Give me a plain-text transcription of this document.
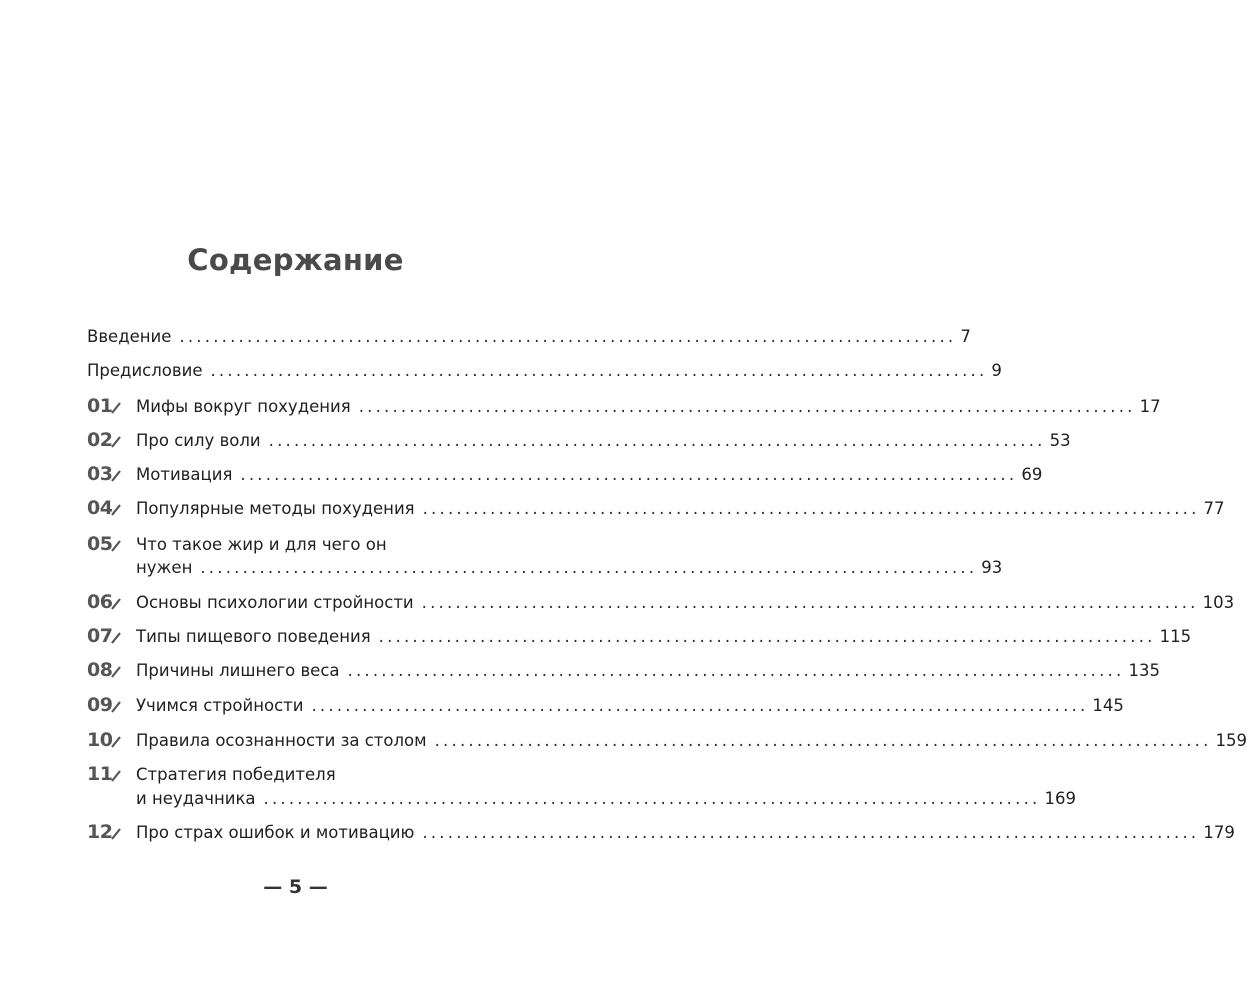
Содержание
Введение ............................................................................................ 7
Предисловие ............................................................................................ 9
01	Мифы вокруг похудения ............................................................................................ 17
02	Про силу воли ............................................................................................ 53
03	Мотивация ............................................................................................ 69
04	Популярные методы похудения ............................................................................................ 77
05	Что такое жир и для чего он
нужен ............................................................................................ 93
06	Основы психологии стройности ............................................................................................ 103
07	Типы пищевого поведения ............................................................................................ 115
08	Причины лишнего веса ............................................................................................ 135
09	Учимся стройности ............................................................................................ 145
10	Правила осознанности за столом ............................................................................................ 159
11	Стратегия победителя
и неудачника ............................................................................................ 169
12	Про страх ошибок и мотивацию ............................................................................................ 179
— 5 —
